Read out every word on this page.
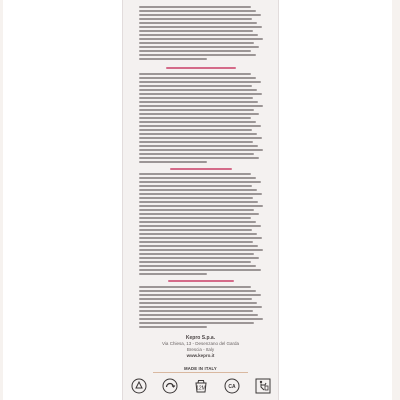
Kepro S.p.a.
Via Chiesa, 13 - Desenzano del Garda
Brescia - Italy
www.kepro.it
MADE IN ITALY
12M	CA
